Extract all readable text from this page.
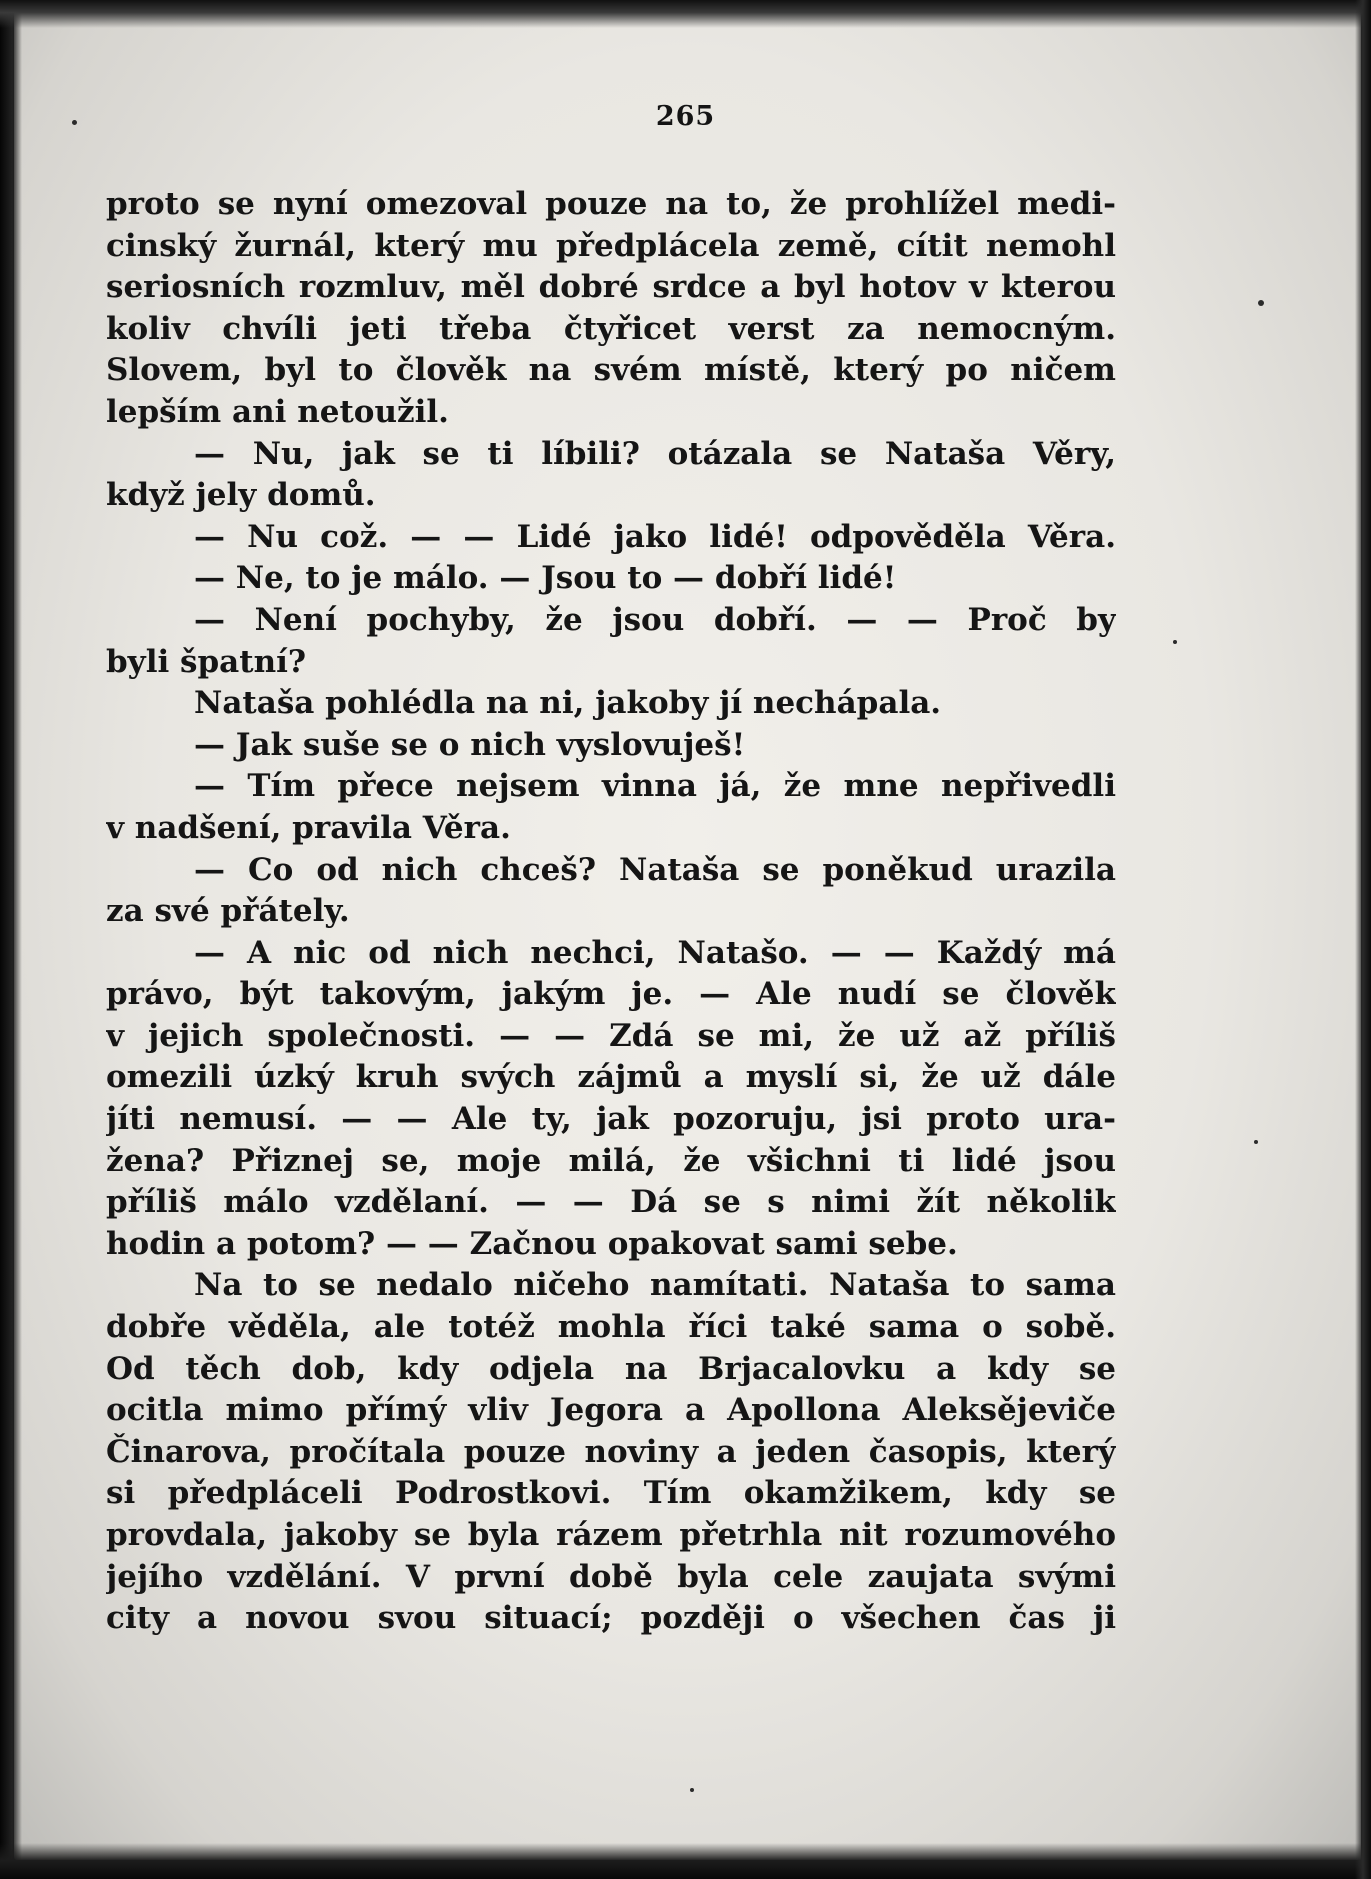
265
proto se nyní omezoval pouze na to, že prohlížel medi-
cinský žurnál, který mu předplácela země, cítit nemohl
seriosních rozmluv, měl dobré srdce a byl hotov v kterou
koliv chvíli jeti třeba čtyřicet verst za nemocným.
Slovem, byl to člověk na svém místě, který po ničem
lepším ani netoužil.
— Nu, jak se ti líbili? otázala se Nataša Věry,
když jely domů.
— Nu což. — — Lidé jako lidé! odpověděla Věra.
— Ne, to je málo. — Jsou to — dobří lidé!
— Není pochyby, že jsou dobří. — — Proč by
byli špatní?
Nataša pohlédla na ni, jakoby jí nechápala.
— Jak suše se o nich vyslovuješ!
— Tím přece nejsem vinna já, že mne nepřivedli
v nadšení, pravila Věra.
— Co od nich chceš? Nataša se poněkud urazila
za své přátely.
— A nic od nich nechci, Natašo. — — Každý má
právo, být takovým, jakým je. — Ale nudí se člověk
v jejich společnosti. — — Zdá se mi, že už až příliš
omezili úzký kruh svých zájmů a myslí si, že už dále
jíti nemusí. — — Ale ty, jak pozoruju, jsi proto ura-
žena? Přiznej se, moje milá, že všichni ti lidé jsou
příliš málo vzdělaní. — — Dá se s nimi žít několik
hodin a potom? — — Začnou opakovat sami sebe.
Na to se nedalo ničeho namítati. Nataša to sama
dobře věděla, ale totéž mohla říci také sama o sobě.
Od těch dob, kdy odjela na Brjacalovku a kdy se
ocitla mimo přímý vliv Jegora a Apollona Aleksějeviče
Činarova, pročítala pouze noviny a jeden časopis, který
si předpláceli Podrostkovi. Tím okamžikem, kdy se
provdala, jakoby se byla rázem přetrhla nit rozumového
jejího vzdělání. V první době byla cele zaujata svými
city a novou svou situací; později o všechen čas ji
